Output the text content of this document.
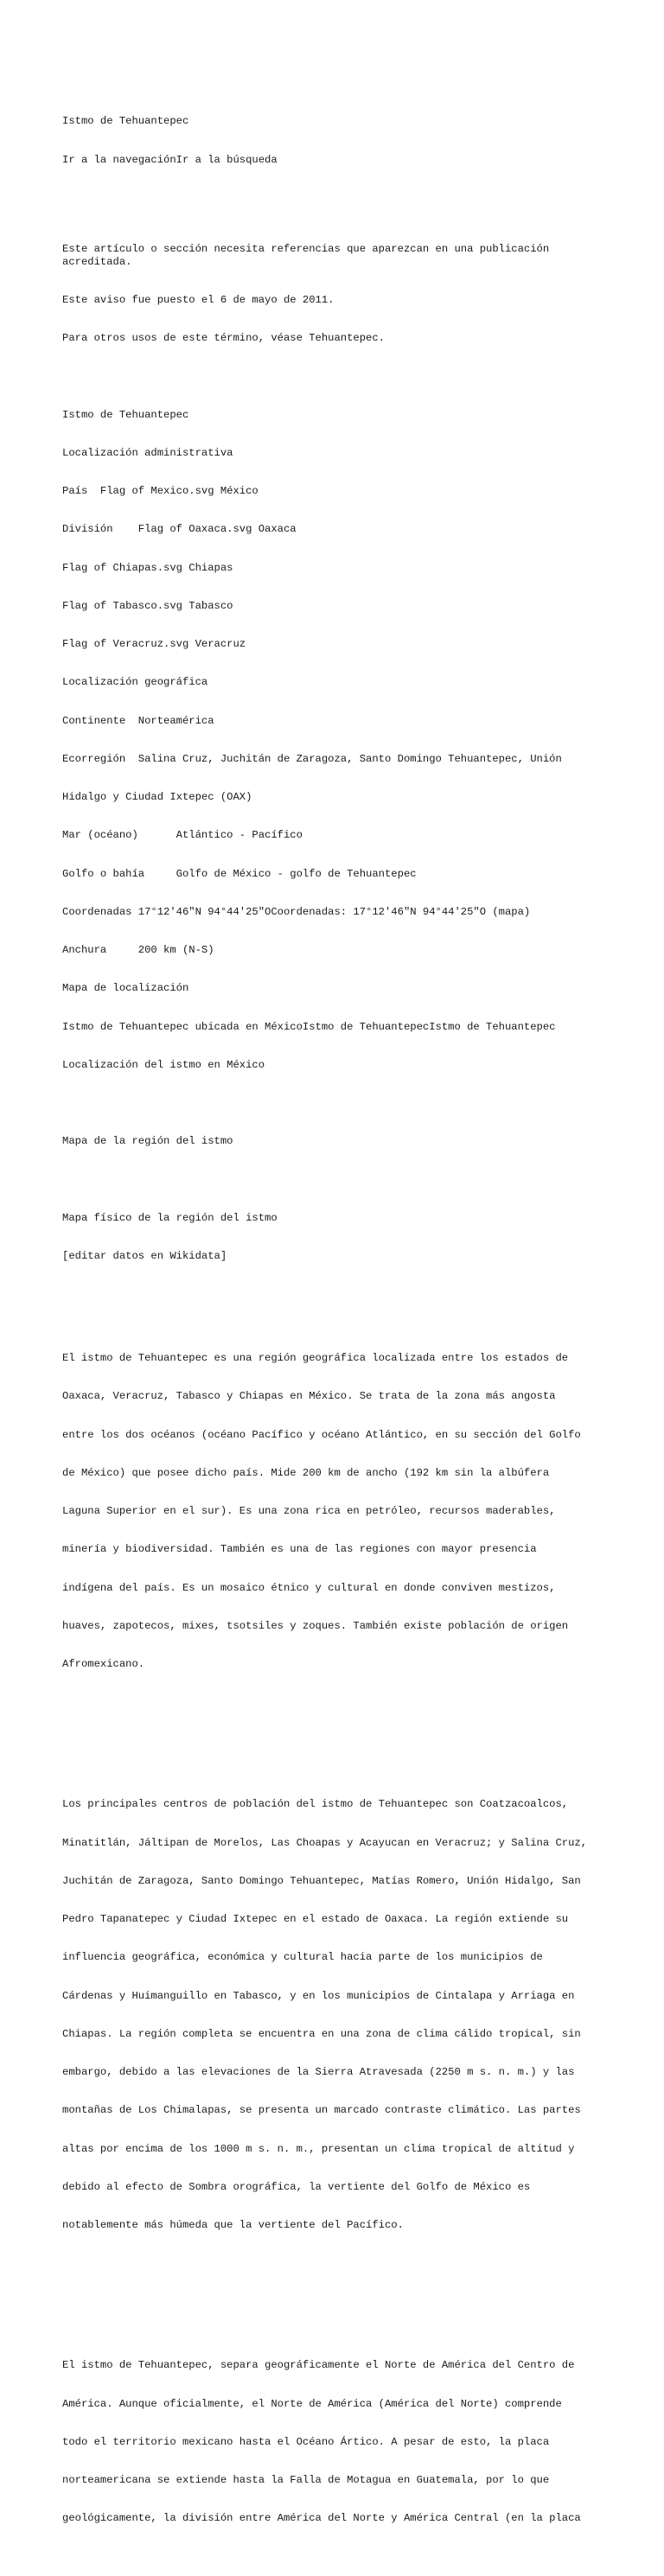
Istmo de Tehuantepec

Ir a la navegaciónIr a la búsqueda

Este artículo o sección necesita referencias que aparezcan en una publicación
acreditada.

Este aviso fue puesto el 6 de mayo de 2011.

Para otros usos de este término, véase Tehuantepec.

Istmo de Tehuantepec

Localización administrativa

País  Flag of Mexico.svg México

División    Flag of Oaxaca.svg Oaxaca

Flag of Chiapas.svg Chiapas

Flag of Tabasco.svg Tabasco

Flag of Veracruz.svg Veracruz

Localización geográfica

Continente  Norteamérica

Ecorregión  Salina Cruz, Juchitán de Zaragoza, Santo Domingo Tehuantepec, Unión

Hidalgo y Ciudad Ixtepec (OAX)

Mar (océano)      Atlántico - Pacífico

Golfo o bahía     Golfo de México - golfo de Tehuantepec

Coordenadas 17°12′46″N 94°44′25″OCoordenadas: 17°12′46″N 94°44′25″O (mapa)

Anchura     200 km (N-S)

Mapa de localización

Istmo de Tehuantepec ubicada en MéxicoIstmo de TehuantepecIstmo de Tehuantepec

Localización del istmo en México

Mapa de la región del istmo

Mapa físico de la región del istmo

[editar datos en Wikidata]

El istmo de Tehuantepec es una región geográfica localizada entre los estados de

Oaxaca, Veracruz, Tabasco y Chiapas en México. Se trata de la zona más angosta

entre los dos océanos (océano Pacífico y océano Atlántico, en su sección del Golfo

de México) que posee dicho país. Mide 200 km de ancho (192 km sin la albúfera

Laguna Superior en el sur). Es una zona rica en petróleo, recursos maderables,

minería y biodiversidad. También es una de las regiones con mayor presencia

indígena del país. Es un mosaico étnico y cultural en donde conviven mestizos,

huaves, zapotecos, mixes, tsotsiles y zoques. También existe población de origen

Afromexicano.

Los principales centros de población del istmo de Tehuantepec son Coatzacoalcos,

Minatitlán, Jáltipan de Morelos, Las Choapas y Acayucan en Veracruz; y Salina Cruz,

Juchitán de Zaragoza, Santo Domingo Tehuantepec, Matías Romero, Unión Hidalgo, San

Pedro Tapanatepec y Ciudad Ixtepec en el estado de Oaxaca. La región extiende su

influencia geográfica, económica y cultural hacia parte de los municipios de

Cárdenas y Huimanguillo en Tabasco, y en los municipios de Cintalapa y Arriaga en

Chiapas. La región completa se encuentra en una zona de clima cálido tropical, sin

embargo, debido a las elevaciones de la Sierra Atravesada (2250 m s. n. m.) y las

montañas de Los Chimalapas, se presenta un marcado contraste climático. Las partes

altas por encima de los 1000 m s. n. m., presentan un clima tropical de altitud y

debido al efecto de Sombra orográfica, la vertiente del Golfo de México es

notablemente más húmeda que la vertiente del Pacífico.

El istmo de Tehuantepec, separa geográficamente el Norte de América del Centro de

América. Aunque oficialmente, el Norte de América (América del Norte) comprende

todo el territorio mexicano hasta el Océano Ártico. A pesar de esto, la placa

norteamericana se extiende hasta la Falla de Motagua en Guatemala, por lo que

geológicamente, la división entre América del Norte y América Central (en la placa
